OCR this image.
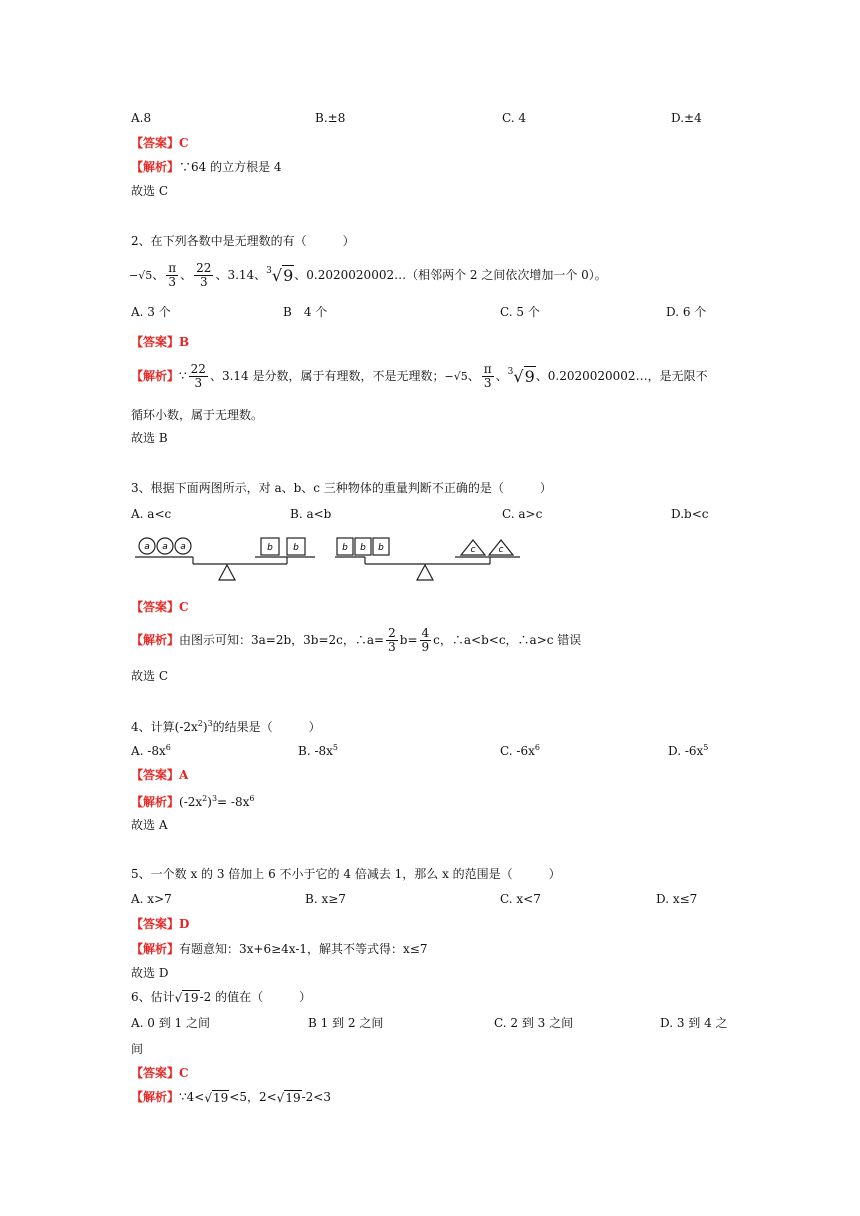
A.8	B.±8	C. 4	D.±4
【答案】C
【解析】∵64 的立方根是 4
故选 C
2、在下列各数中是无理数的有（　　　）
−√5 、 $\frac{\pi}{3}$ 、 $\frac{22}{3}$ 、3.14、 $^3$√9 、0.2020020002…（相邻两个 2 之间依次增加一个 0）。
A. 3 个	B　4 个	C. 5 个	D. 6 个
【答案】B
【解析】 ∵ $\frac{22}{3}$ 、3.14 是分数，属于有理数，不是无理数； −√5 、 $\frac{\pi}{3}$ 、 $^3$√9 、0.2020020002…，是无限不
循环小数，属于无理数。
故选 B
3、根据下面两图所示，对 a、b、c 三种物体的重量判断不正确的是（　　　）
A. a<c	B. a<b	C. a>c	D.b<c
a a a	b b	b b b	c	c
【答案】C
【解析】 由图示可知：3a=2b，3b=2c，∴a= $\frac{2}{3} b= \frac{4}{9}$ c，∴a<b<c，∴a>c 错误
故选 C
4、计算$(-2x^2)^3$的结果是（　　　）
A. $-8x^6$	B. $-8x^5$	C. $-6x^6$	D. $-6x^5$
【答案】A
【解析】$(-2x^2)^3= -8x^6$
故选 A
5、一个数 x 的 3 倍加上 6 不小于它的 4 倍减去 1，那么 x 的范围是（　　　）
A. x>7	B. x≥7	C. x<7	D. x≤7
【答案】D
【解析】有题意知：3x+6≥4x-1，解其不等式得：x≤7
故选 D
6、估计√19-2 的值在（　　　）
A. 0 到 1 之间	B 1 到 2 之间	C. 2 到 3 之间	D. 3 到 4 之
间
【答案】C
【解析】∵4<√19<5，2<√19-2<3
